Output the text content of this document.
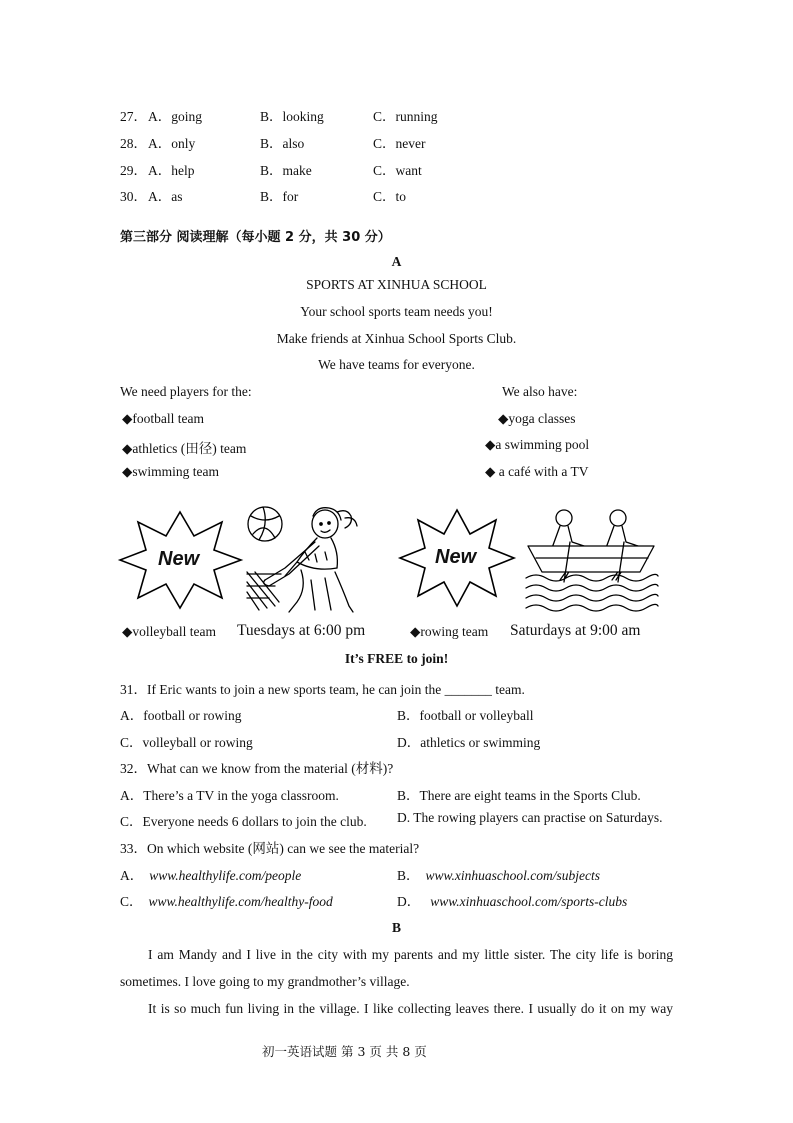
27． A．going	B．looking	C．running
28． A．only	B．also	C．never
29． A．help	B．make	C．want
30． A．as	B．for	C．to
第三部分 阅读理解（每小题 2 分，共 30 分）
A
SPORTS AT XINHUA SCHOOL
Your school sports team needs you!
Make friends at Xinhua School Sports Club.
We have teams for everyone.
We need players for the:
◆football team
◆athletics (田径) team
◆swimming team
We also have:
◆yoga classes
◆a swimming pool
◆ a café with a TV
New	New
◆volleyball team Tuesdays at 6:00 pm	◆rowing team Saturdays at 9:00 am
It’s FREE to join!
31．If Eric wants to join a new sports team, he can join the _______ team.
A．football or rowing	B．football or volleyball
C．volleyball or rowing	D．athletics or swimming
32．What can we know from the material (材料)?
A．There’s a TV in the yoga classroom.	B．There are eight teams in the Sports Club.
C．Everyone needs 6 dollars to join the club. D. The rowing players can practise on Saturdays.
33．On which website (网站) can we see the material?
A． www.healthylife.com/people	B． www.xinhuaschool.com/subjects
C． www.healthylife.com/healthy-food	D． www.xinhuaschool.com/sports-clubs
B
I am Mandy and I live in the city with my parents and my little sister. The city life is boring
sometimes. I love going to my grandmother’s village.
It is so much fun living in the village. I like collecting leaves there. I usually do it on my way
初一英语试题 第 3 页 共 8 页
